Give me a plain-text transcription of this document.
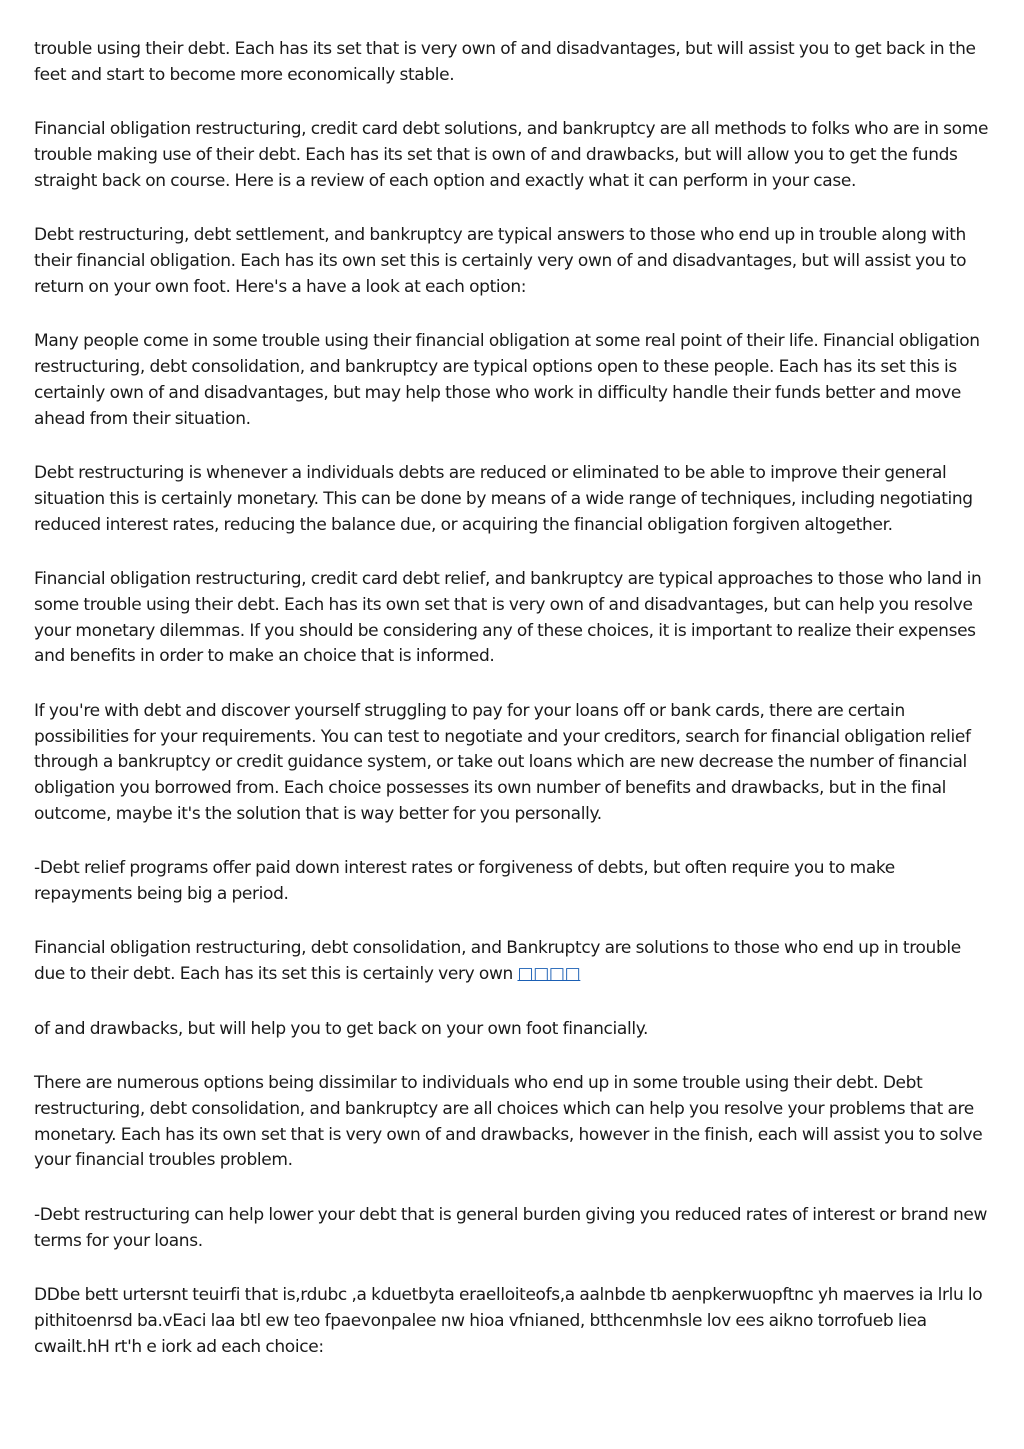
trouble using their debt. Each has its set that is very own of and disadvantages, but will assist you to get back in the feet and start to become more economically stable.

Financial obligation restructuring, credit card debt solutions, and bankruptcy are all methods to folks who are in some trouble making use of their debt. Each has its set that is own of and drawbacks, but will allow you to get the funds straight back on course. Here is a review of each option and exactly what it can perform in your case.

Debt restructuring, debt settlement, and bankruptcy are typical answers to those who end up in trouble along with their financial obligation. Each has its own set this is certainly very own of and disadvantages, but will assist you to return on your own foot. Here's a have a look at each option:

Many people come in some trouble using their financial obligation at some real point of their life. Financial obligation restructuring, debt consolidation, and bankruptcy are typical options open to these people. Each has its set this is certainly own of and disadvantages, but may help those who work in difficulty handle their funds better and move ahead from their situation.

Debt restructuring is whenever a individuals debts are reduced or eliminated to be able to improve their general situation this is certainly monetary. This can be done by means of a wide range of techniques, including negotiating reduced interest rates, reducing the balance due, or acquiring the financial obligation forgiven altogether.

Financial obligation restructuring, credit card debt relief, and bankruptcy are typical approaches to those who land in some trouble using their debt. Each has its own set that is very own of and disadvantages, but can help you resolve your monetary dilemmas. If you should be considering any of these choices, it is important to realize their expenses and benefits in order to make an choice that is informed.

If you're with debt and discover yourself struggling to pay for your loans off or bank cards, there are certain possibilities for your requirements. You can test to negotiate and your creditors, search for financial obligation relief through a bankruptcy or credit guidance system, or take out loans which are new decrease the number of financial obligation you borrowed from. Each choice possesses its own number of benefits and drawbacks, but in the final outcome, maybe it's the solution that is way better for you personally.

-Debt relief programs offer paid down interest rates or forgiveness of debts, but often require you to make repayments being big a period.

Financial obligation restructuring, debt consolidation, and Bankruptcy are solutions to those who end up in trouble due to their debt. Each has its set this is certainly very own □□□□

of and drawbacks, but will help you to get back on your own foot financially.

There are numerous options being dissimilar to individuals who end up in some trouble using their debt. Debt restructuring, debt consolidation, and bankruptcy are all choices which can help you resolve your problems that are monetary. Each has its own set that is very own of and drawbacks, however in the finish, each will assist you to solve your financial troubles problem.

-Debt restructuring can help lower your debt that is general burden giving you reduced rates of interest or brand new terms for your loans.

DDbe bett urtersnt teuirfi that is,rdubc ,a kduetbyta eraelloiteofs,a aalnbde tb aenpkerwuopftnc yh maerves ia lrlu lo pithitoenrsd ba.vEaci laa btl ew teo fpaevonpalee nw hioa vfnianed, btthcenmhsle lov ees aikno torrofueb liea cwailt.hH rt'h e iork ad each choice:
